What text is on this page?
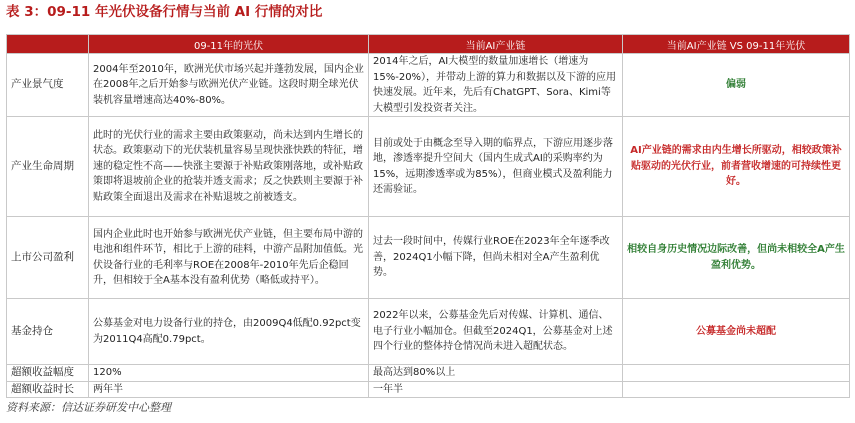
表 3：09-11 年光伏设备行情与当前 AI 行情的对比
	09-11年的光伏	当前AI产业链	当前AI产业链 VS 09-11年光伏
产业景气度	2004年至2010年，欧洲光伏市场兴起并蓬勃发展，国内企业在2008年之后开始参与欧洲光伏产业链。这段时期全球光伏装机容量增速高达40%-80%。	2014年之后，AI大模型的数量加速增长（增速为15%-20%），并带动上游的算力和数据以及下游的应用快速发展。近年来，先后有ChatGPT、Sora、Kimi等大模型引发投资者关注。	偏弱
产业生命周期	此时的光伏行业的需求主要由政策驱动，尚未达到内生增长的状态。政策驱动下的光伏装机量容易呈现快涨快跌的特征，增速的稳定性不高——快涨主要源于补贴政策刚落地，或补贴政策即将退坡前企业的抢装并透支需求；反之快跌则主要源于补贴政策全面退出及需求在补贴退坡之前被透支。	目前或处于由概念至导入期的临界点，下游应用逐步落地，渗透率提升空间大（国内生成式AI的采购率约为15%，远期渗透率或为85%），但商业模式及盈利能力还需验证。	AI产业链的需求由内生增长所驱动，相较政策补贴驱动的光伏行业，前者营收增速的可持续性更好。
上市公司盈利	国内企业此时也开始参与欧洲光伏产业链，但主要布局中游的电池和组件环节，相比于上游的硅料，中游产品附加值低。光伏设备行业的毛利率与ROE在2008年-2010年先后企稳回升，但相较于全A基本没有盈利优势（略低或持平）。	过去一段时间中，传媒行业ROE在2023年全年逐季改善，2024Q1小幅下降，但尚未相对全A产生盈利优势。	相较自身历史情况边际改善，但尚未相较全A产生盈利优势。
基金持仓	公募基金对电力设备行业的持仓，由2009Q4低配0.92pct变为2011Q4高配0.79pct。	2022年以来，公募基金先后对传媒、计算机、通信、电子行业小幅加仓。但截至2024Q1，公募基金对上述四个行业的整体持仓情况尚未进入超配状态。	公募基金尚未超配
超额收益幅度	120%	最高达到80%以上	
超额收益时长	两年半	一年半	
资料来源：信达证券研发中心整理
